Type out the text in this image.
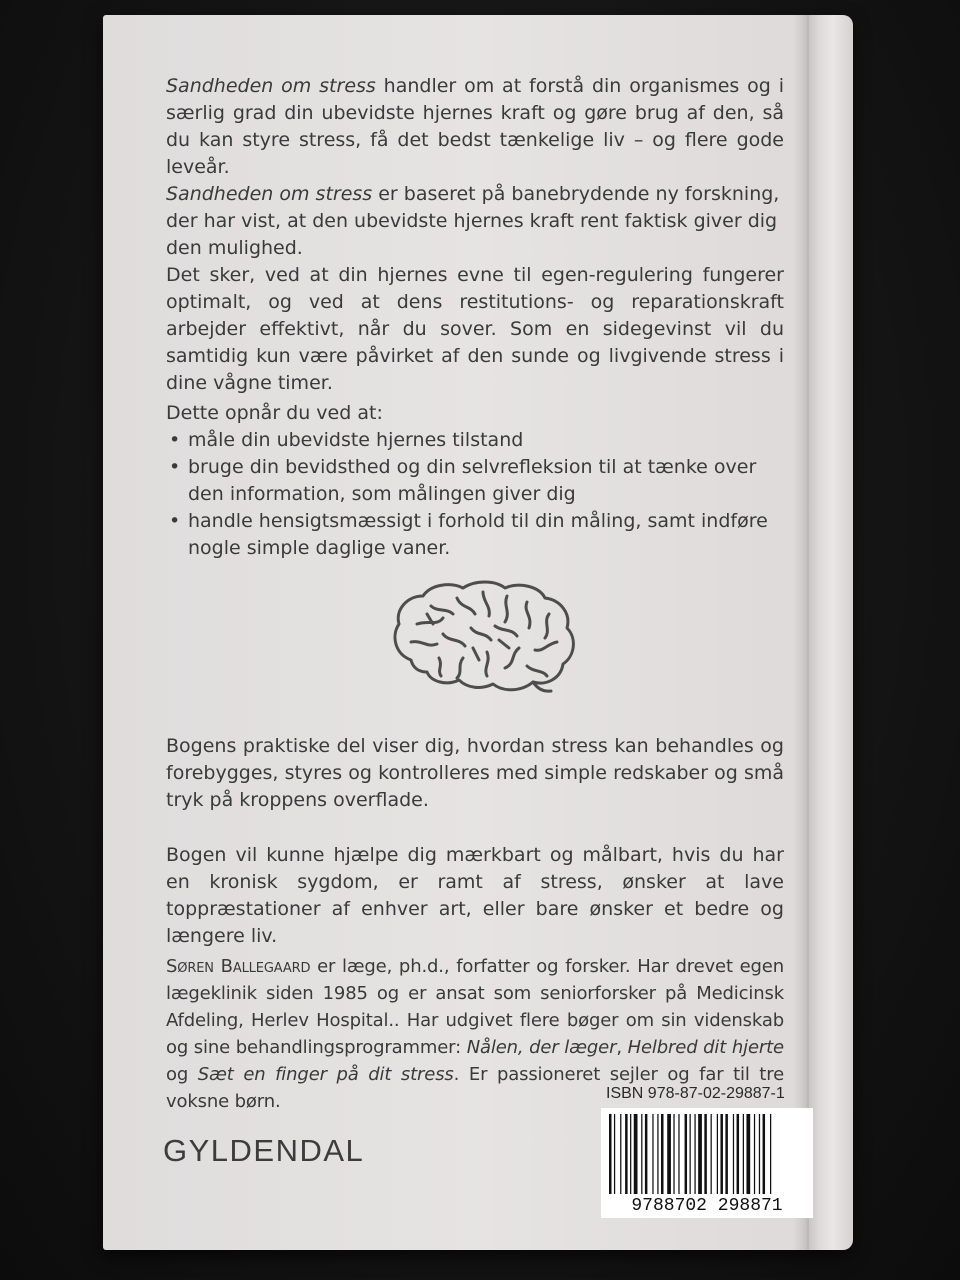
Sandheden om stress handler om at forstå din organismes og i særlig grad din ubevidste hjernes kraft og gøre brug af den, så du kan styre stress, få det bedst tænkelige liv – og flere gode leveår.

Sandheden om stress er baseret på banebrydende ny forskning, der har vist, at den ubevidste hjernes kraft rent faktisk giver dig den mulighed.

Det sker, ved at din hjernes evne til egen-regulering fungerer optimalt, og ved at dens restitutions- og reparationskraft arbejder effektivt, når du sover. Som en sidegevinst vil du samtidig kun være påvirket af den sunde og livgivende stress i dine vågne timer.

Dette opnår du ved at:

• måle din ubevidste hjernes tilstand
• bruge din bevidsthed og din selvrefleksion til at tænke over den information, som målingen giver dig
• handle hensigtsmæssigt i forhold til din måling, samt indføre nogle simple daglige vaner.

Bogens praktiske del viser dig, hvordan stress kan behandles og forebygges, styres og kontrolleres med simple redskaber og små tryk på kroppens overflade.

Bogen vil kunne hjælpe dig mærkbart og målbart, hvis du har en kronisk sygdom, er ramt af stress, ønsker at lave toppræstationer af enhver art, eller bare ønsker et bedre og længere liv.

Søren Ballegaard er læge, ph.d., forfatter og forsker. Har drevet egen lægeklinik siden 1985 og er ansat som seniorforsker på Medicinsk Afdeling, Herlev Hospital.. Har udgivet flere bøger om sin videnskab og sine behandlingsprogrammer: Nålen, der læger, Helbred dit hjerte og Sæt en finger på dit stress. Er passioneret sejler og far til tre voksne børn.

GYLDENDAL
ISBN 978-87-02-29887-1
9788702 298871
